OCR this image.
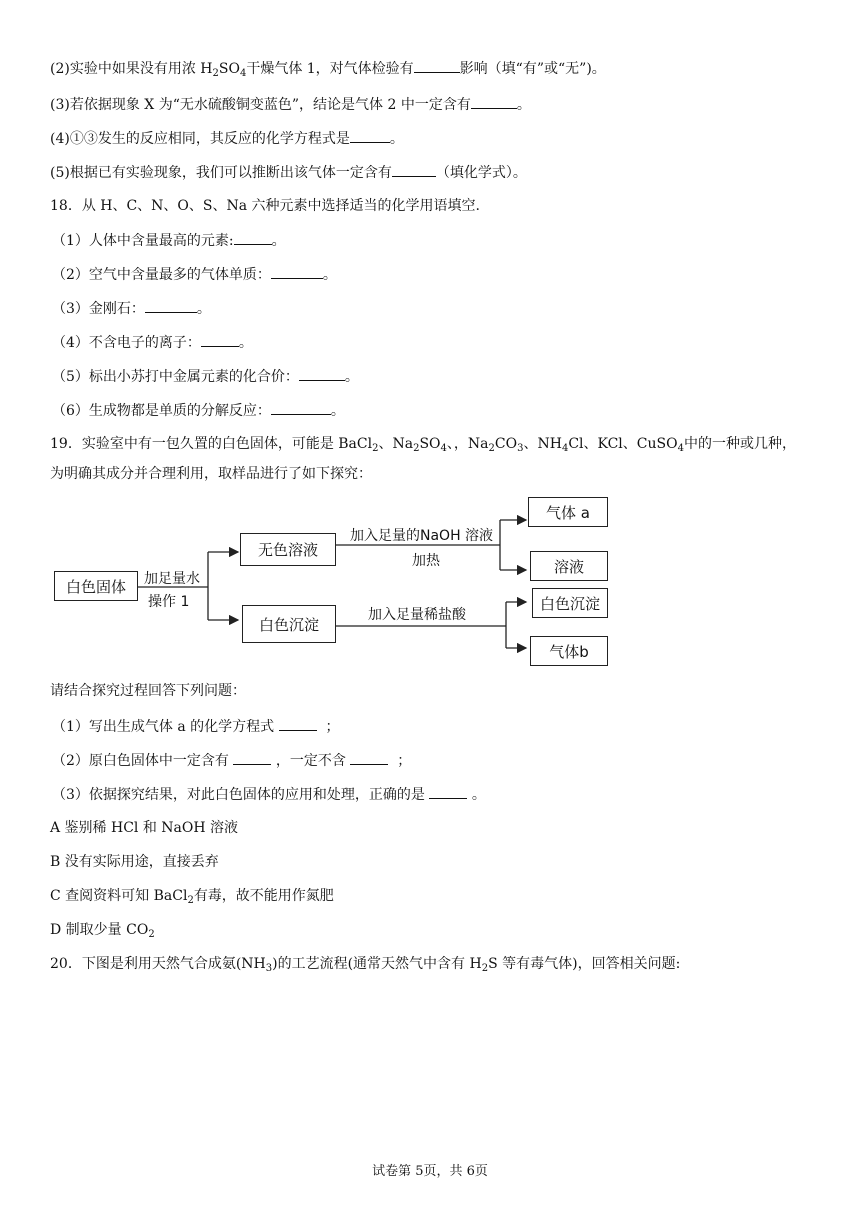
(2)实验中如果没有用浓 $H_2SO_4$干燥气体 1，对气体检验有	影响（填“有”或“无”)。
(3)若依据现象 X 为“无水硫酸铜变蓝色”，结论是气体 2 中一定含有	。
(4)①③发生的反应相同，其反应的化学方程式是	。
(5)根据已有实验现象，我们可以推断出该气体一定含有	（填化学式）。
18．从 H、C、N、O、S、Na 六种元素中选择适当的化学用语填空.
（1）人体中含量最高的元素:	。
（2）空气中含量最多的气体单质：	。
（3）金刚石：	。
（4）不含电子的离子：	。
（5）标出小苏打中金属元素的化合价：	。
（6）生成物都是单质的分解反应：	。
19．实验室中有一包久置的白色固体，可能是 BaCl$_2$、$Na_2SO_4$、，$Na_2CO_3$、$NH_4Cl$、KCl、CuSO$_4$中的一种或几种，
为明确其成分并合理利用，取样品进行了如下探究：
白色固体	加足量水
操作 1
无色溶液
白色沉淀
加入足量的NaOH 溶液
加热
加入足量稀盐酸
气体 a
溶液
白色沉淀
气体b
请结合探究过程回答下列问题：
（1）写出生成气体 a 的化学方程式	；
（2）原白色固体中一定含有	，一定不含	；
（3）依据探究结果，对此白色固体的应用和处理，正确的是	。
A 鉴别稀 HCl 和 NaOH 溶液
B 没有实际用途，直接丢弃
C 查阅资料可知 BaCl$_2$有毒，故不能用作氮肥
D 制取少量 $CO_2$
20．下图是利用天然气合成氨$(NH_3)$的工艺流程(通常天然气中含有 $H_2S$ 等有毒气体)，回答相关问题:
试卷第 5页，共 6页
